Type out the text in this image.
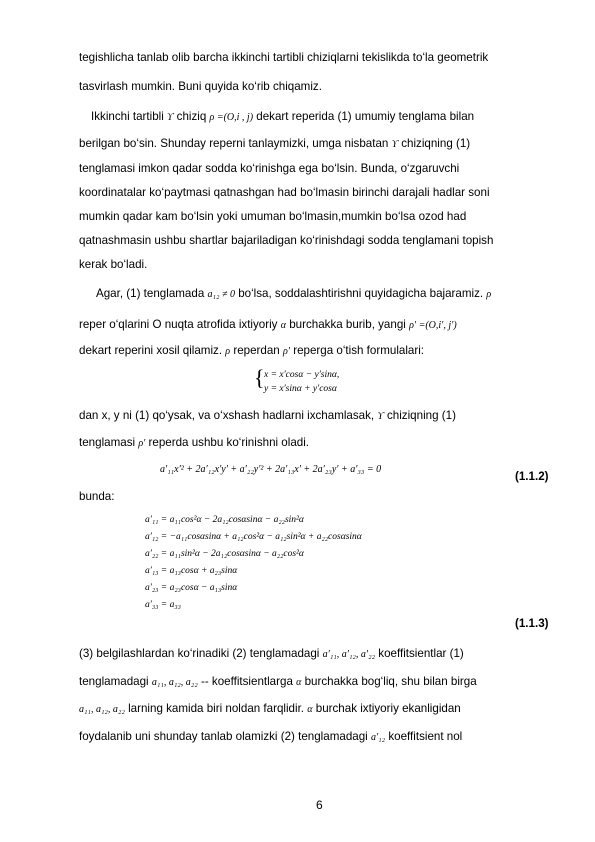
tegishlicha tanlab olib barcha ikkinchi tartibli chiziqlarni tekislikda to‘la geometrik
tasvirlash mumkin. Buni quyida ko‘rib chiqamiz.
Ikkinchi tartibli ϒ chiziq ρ =(O,i , j) dekart reperida (1) umumiy tenglama bilan
berilgan bo‘sin. Shunday reperni tanlaymizki, umga nisbatan ϒ chiziqning (1)
tenglamasi imkon qadar sodda ko‘rinishga ega bo‘lsin. Bunda, o‘zgaruvchi
koordinatalar ko‘paytmasi qatnashgan had bo‘lmasin birinchi darajali hadlar soni
mumkin qadar kam bo‘lsin yoki umuman bo‘lmasin,mumkin bo‘lsa ozod had
qatnashmasin ushbu shartlar bajariladigan ko‘rinishdagi sodda tenglamani topish
kerak bo‘ladi.
Agar, (1) tenglamada a₁₂ ≠ 0 bo‘lsa, soddalashtirishni quyidagicha bajaramiz. ρ
reper o‘qlarini O nuqta atrofida ixtiyoriy α burchakka burib, yangi ρ′ =(O,i′, j′)
dekart reperini xosil qilamiz. ρ reperdan ρ′ reperga o‘tish formulalari:
{ x = x′cosα − y′sinα,
y = x′sinα + y′cosα
dan x, y ni (1) qo‘ysak, va o‘xshash hadlarni ixchamlasak, ϒ chiziqning (1)
tenglamasi ρ′ reperda ushbu ko‘rinishni oladi.
a′₁₁x′² + 2a′₁₂x′y′ + a′₂₂y′² + 2a′₁₃x′ + 2a′₂₃y′ + a′₃₃ = 0
(1.1.2)
bunda:
a′₁₁ = a₁₁cos²α − 2a₁₂cosαsinα − a₂₂sin²α
a′₁₂ = −a₁₁cosαsinα + a₁₂cos²α − a₁₂sin²α + a₂₂cosαsinα
a′₂₂ = a₁₁sin²α − 2a₁₂cosαsinα − a₂₂cos²α
a′₁₃ = a₁₃cosα + a₂₃sinα
a′₂₃ = a₂₃cosα − a₁₃sinα
a′₃₃ = a₃₃
(1.1.3)
(3) belgilashlardan ko‘rinadiki (2) tenglamadagi a′₁₁, a′₁₂, a′₂₂ koeffitsientlar (1)
tenglamadagi a₁₁, a₁₂, a₂₂ -- koeffitsientlarga α burchakka bog‘liq, shu bilan birga
a₁₁, a₁₂, a₂₂ larning kamida biri noldan farqlidir. α burchak ixtiyoriy ekanligidan
foydalanib uni shunday tanlab olamizki (2) tenglamadagi a′₁₂ koeffitsient nol
6
